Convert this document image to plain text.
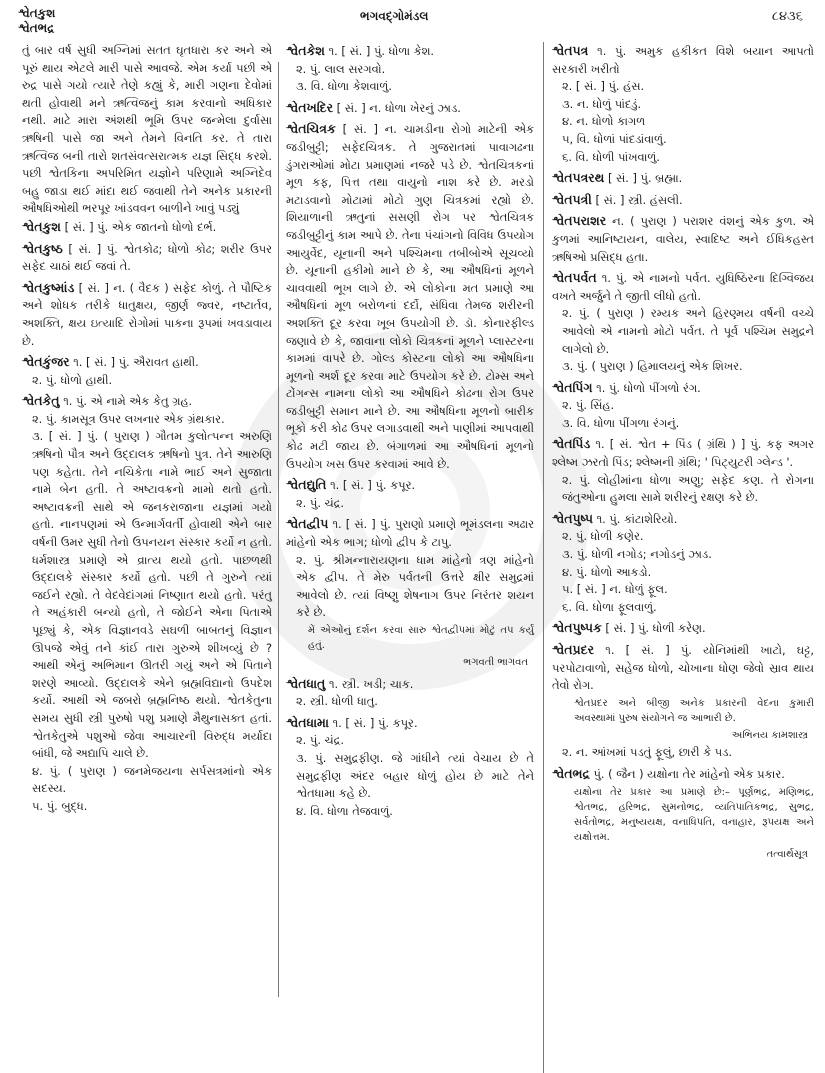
શ્વેતકુશ
શ્વેતભદ્ર
ભગવદ્ગોમંડલ	૮૪૩૬

તું બાર વર્ષ સુધી અગ્નિમાં સતત ઘૃતધારા કર અને એ પૂરું થાય એટલે મારી પાસે આવજે. એમ કર્યા પછી એ રુદ્ર પાસે ગયો ત્યારે તેણે કહ્યું કે, મારી ગણના દેવોમાં થતી હોવાથી મને ઋત્વિજનું કામ કરવાનો અધિકાર નથી. માટે મારા અંશથી ભૂમિ ઉપર જન્મેલા દુર્વાસા ઋષિની પાસે જા અને તેમને વિનતિ કર. તે તારા ઋત્વિજ બની તારો શતસંવત્સરાત્મક યજ્ઞ સિદ્ધ કરશે. પછી શ્વેતકિના અપરિમિત યજ્ઞોને પરિણામે અગ્નિદેવ બહુ જાડા થઈ માંદા થઈ જવાથી તેને અનેક પ્રકારની ઔષધિઓથી ભરપૂર ખાંડવવન બાળીને ખાવું પડ્યું

શ્વેતકુશ [ સં. ] પું. એક જાતનો ધોળો દર્ભ.

શ્વેતકુષ્ઠ [ સં. ] પું. શ્વેતકોઢ; ધોળો કોઢ; શરીર ઉપર સફેદ ચાઠાં થઈ જવાં તે.

શ્વેતકુષ્માંડ [ સં. ] ન. ( વૈદક ) સફેદ કોળું. તે પૌષ્ટિક અને શોધક તરીકે ધાતુક્ષય, જીર્ણ જ્વર, નષ્ટાર્તવ, અશક્તિ, ક્ષય ઇત્યાદિ રોગોમાં પાકના રૂપમાં ખવડાવાય છે.

શ્વેતકુંજર ૧. [ સં. ] પું. ઐરાવત હાથી.

૨. પું. ધોળો હાથી.

શ્વેતકેતુ ૧. પું. એ નામે એક કેતુ ગ્રહ.

૨. પું. કામસૂત્ર ઉપર લખનાર એક ગ્રંથકાર.

૩. [ સં. ] પું. ( પુરાણ ) ગૌતમ કુલોત્પન્ન અરુણિ ઋષિનો પૌત્ર અને ઉદ્દાલક ઋષિનો પુત્ર. તેને આરુણિ પણ કહેતા. તેને નચિકેતા નામે ભાઈ અને સુજાતા નામે બેન હતી. તે અષ્ટાવક્રનો મામો થતો હતો. અષ્ટાવક્રની સાથે એ જનકરાજાના યજ્ઞમાં ગયો હતો. નાનપણમાં એ ઉન્માર્ગવર્તી હોવાથી એને બાર વર્ષની ઉમર સુધી તેનો ઉપનયન સંસ્કાર કર્યો ન હતો. ધર્મશાસ્ત્ર પ્રમાણે એ વ્રાત્ય થયો હતો. પાછળથી ઉદ્દાલકે સંસ્કાર કર્યો હતો. પછી તે ગુરુને ત્યાં જઈને રહ્યો. તે વેદવેદાંગમાં નિષ્ણાત થયો હતો. પરંતુ તે અહંકારી બન્યો હતો, તે જોઈને એના પિતાએ પૂછ્યું કે, એક વિજ્ઞાનવડે સઘળી બાબતનું વિજ્ઞાન ઊપજે એવું તને કાંઈ તારા ગુરુએ શીખવ્યું છે ? આથી એનું અભિમાન ઊતરી ગયું અને એ પિતાને શરણે આવ્યો. ઉદ્દાલકે એને બ્રહ્મવિદ્યાનો ઉપદેશ કર્યો. આથી એ જબરો બ્રહ્મનિષ્ઠ થયો. શ્વેતકેતુના સમય સુધી સ્ત્રી પુરુષો પશુ પ્રમાણે મૈથુનાસક્ત હતાં. શ્વેતકેતુએ પશુઓ જેવા આચારની વિરુદ્ધ મર્યાદા બાંધી, જે અદ્યાપિ ચાલે છે.

૪. પું. ( પુરાણ ) જનમેજયના સર્પસત્રમાંનો એક સદસ્ય.

૫. પું. બુદ્ધ.

શ્વેતકેશ ૧. [ સં. ] પું. ધોળા કેશ.

૨. પું. લાલ સરગવો.

૩. વિ. ધોળા કેશવાળું.

શ્વેતખદિર [ સં. ] ન. ધોળા ખેરનું ઝાડ.

શ્વેતચિત્રક [ સં. ] ન. ચામડીના રોગો માટેની એક જડીબુટ્ટી; સફેદચિત્રક. તે ગુજરાતમાં પાવાગઢના ડુંગરાઓમાં મોટા પ્રમાણમાં નજરે પડે છે. શ્વેતચિત્રકનાં મૂળ કફ, પિત્ત તથા વાયુનો નાશ કરે છે. મરડો મટાડવાનો મોટામાં મોટો ગુણ ચિત્રકમાં રહ્યો છે. શિયાળાની ઋતુનાં સસણી રોગ પર શ્વેતચિત્રક જડીબુટ્ટીનું કામ આપે છે. તેના પંચાંગનો વિવિધ ઉપયોગ આયુર્વેદ, યૂનાની અને પશ્ચિમના તબીબોએ સૂચવ્યો છે. યૂનાની હકીમો માને છે કે, આ ઔષધિનાં મૂળને ચાવવાથી ભૂખ લાગે છે. એ લોકોના મત પ્રમાણે આ ઔષધિનાં મૂળ બરોળનાં દર્દો, સંધિવા તેમજ શરીરની અશક્તિ દૂર કરવા ખૂબ ઉપયોગી છે. ડૉ. કોનારફીલ્ડ જણાવે છે કે, જાવાના લોકો ચિત્રકનાં મૂળને પ્લાસ્ટરના કામમાં વાપરે છે. ગોલ્ડ કોસ્ટના લોકો આ ઔષધિના મૂળનો અર્શ દૂર કરવા માટે ઉપયોગ કરે છે. ટોમ્સ અને ટોંગન્સ નામના લોકો આ ઔષધિને કોઢના રોગ ઉપર જડીબુટ્ટી સમાન માને છે. આ ઔષધિના મૂળનો બારીક ભૂકો કરી કોઢ ઉપર લગાડવાથી અને પાણીમાં આપવાથી કોઢ મટી જાય છે. બંગાળમાં આ ઔષધિનાં મૂળનો ઉપયોગ ખસ ઉપર કરવામાં આવે છે.

શ્વેતદ્યુતિ ૧. [ સં. ] પું. કપૂર.

૨. પું. ચંદ્ર.

શ્વેતદ્વીપ ૧. [ સં. ] પું. પુરાણો પ્રમાણે ભૂમંડલના અઢાર માંહેનો એક ભાગ; ધોળો દ્વીપ કે ટાપુ.

૨. પું. શ્રીમન્નારાયણના ધામ માંહેનો ત્રણ માંહેનો એક દ્વીપ. તે મેરુ પર્વતની ઉત્તરે ક્ષીર સમુદ્રમાં આવેલો છે. ત્યાં વિષ્ણુ શેષનાગ ઉપર નિરંતર શયન કરે છે.

મેં એઓનું દર્શન કરવા સારુ શ્વેતદ્વીપમાં મોટું તપ કર્યું હતું.

ભગવતી ભાગવત

શ્વેતધાતુ ૧. સ્ત્રી. ખડી; ચાક.

૨. સ્ત્રી. ધોળી ધાતુ.

શ્વેતધામા ૧. [ સં. ] પું. કપૂર.

૨. પું. ચંદ્ર.

૩. પું. સમુદ્રફીણ. જે ગાંધીને ત્યાં વેચાય છે તે સમુદ્રફીણ અંદર બહાર ધોળું હોય છે માટે તેને શ્વેતધામા કહે છે.

૪. વિ. ધોળા તેજવાળું.

શ્વેતપત્ર ૧. પું. અમુક હકીકત વિશે બયાન આપતો સરકારી ખરીતો

૨. [ સં. ] પું. હંસ.

૩. ન. ધોળું પાંદડું.

૪. ન. ધોળો કાગળ

૫, વિ. ધોળાં પાંદડાંવાળું.

૬. વિ. ધોળી પાંખવાળું.

શ્વેતપત્રરથ [ સં. ] પું. બ્રહ્મા.

શ્વેતપત્રી [ સં. ] સ્ત્રી. હંસલી.

શ્વેતપરાશર ન. ( પુરાણ ) પરાશર વંશનું એક કુળ. એ કુળમાં આનિષ્ટાયન, વાલેય, સ્વાદિષ્ટ અને ઈધિકહસ્ત ઋષિઓ પ્રસિદ્ધ હતા.

શ્વેતપર્વત ૧. પું. એ નામનો પર્વત. યુધિષ્ઠિરના દિગ્વિજય વખતે અર્જુને તે જીતી લીધો હતો.

૨. પું. ( પુરાણ ) રમ્યક અને હિરણ્મય વર્ષની વચ્ચે આવેલો એ નામનો મોટો પર્વત. તે પૂર્વ પશ્ચિમ સમુદ્રને લાગેલો છે.

૩. પું. ( પુરાણ ) હિમાલયનું એક શિખર.

શ્વેતપિંગ ૧. પું. ધોળો પીંગળો રંગ.

૨. પું. સિંહ.

૩. વિ. ધોળા પીંગળા રંગનું.

શ્વેતપિંડ ૧. [ સં. શ્વેત + પિંડ ( ગ્રંથિ ) ] પું. કફ અગર શ્લેષ્મ ઝરતો પિંડ; શ્લેષ્મની ગ્રંથિ; ' પિટ્યુટરી ગ્લેન્ડ '.

૨. પું. લોહીમાંના ધોળા અણુ; સફેદ કણ. તે રોગના જંતુઓના હુમલા સામે શરીરનું રક્ષણ કરે છે.

શ્વેતપુષ્પ ૧. પું. કાંટાશેરિયો.

૨. પું. ધોળી કણેર.

૩. પું. ધોળી નગોડ; નગોડનું ઝાડ.

૪. પું. ધોળો આકડો.

૫. [ સં. ] ન. ધોળું ફૂલ.

૬. વિ. ધોળા ફૂલવાળું.

શ્વેતપુષ્પક [ સં. ] પું. ધોળી કરેણ.

શ્વેતપ્રદર ૧. [ સં. ] પું. યોનિમાંથી ખાટો, ઘટ્ટ, પરપોટાવાળો, સહેજ ધોળો, ચોખાના ધોણ જેવો સ્રાવ થાય તેવો રોગ.

શ્વેતપ્રદર અને બીજી અનેક પ્રકારની વેદના કુમારી અવસ્થામાં પુરુષ સંયોગને જ આભારી છે.

અભિનય કામશાસ્ત્ર

૨. ન. આંખમાં પડતું ફૂલું, છારી કે પડ.

શ્વેતભદ્ર પું. ( જૈન ) યક્ષોના તેર માંહેનો એક પ્રકાર.

યક્ષોના તેર પ્રકાર આ પ્રમાણે છે:– પૂર્ણભદ્ર, મણિભદ્ર, શ્વેતભદ્ર, હરિભદ્ર, સુમનોભદ્ર, વ્યતિપાતિકભદ્ર, સુભદ્ર, સર્વતોભદ્ર, મનુષ્યયક્ષ, વનાધિપતિ, વનાહાર, રૂપયક્ષ અને યક્ષોત્તમ.

તત્વાર્થસૂત્ર
